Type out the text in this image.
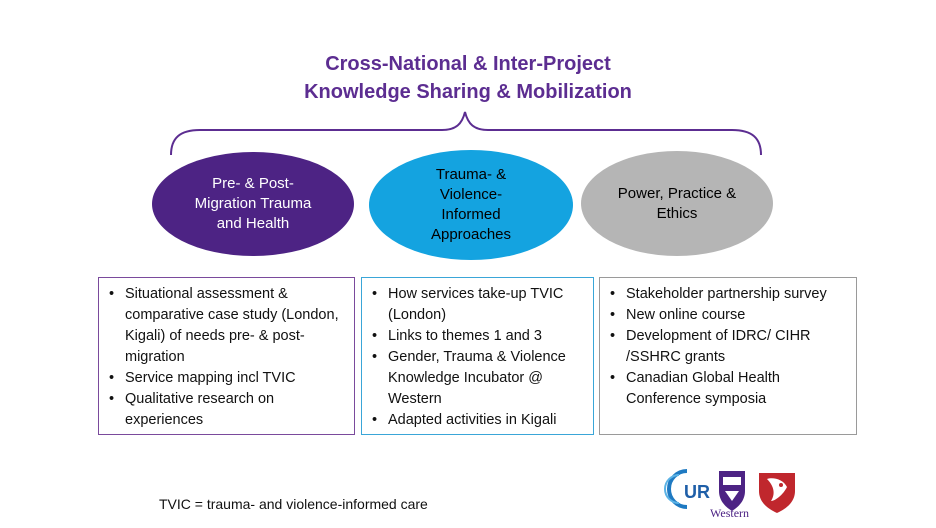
Cross-National & Inter-Project
Knowledge Sharing & Mobilization
Pre- & Post-Migration Trauma and Health
Trauma- & Violence-Informed Approaches
Power, Practice & Ethics
• Situational assessment & comparative case study (London, Kigali) of needs pre- & post-migration
• Service mapping incl TVIC
• Qualitative research on experiences
• How services take-up TVIC (London)
• Links to themes 1 and 3
• Gender, Trauma & Violence Knowledge Incubator @ Western
• Adapted activities in Kigali
• Stakeholder partnership survey
• New online course
• Development of IDRC/ CIHR /SSHRC grants
• Canadian Global Health Conference symposia
TVIC = trauma- and violence-informed care
UR
Western
